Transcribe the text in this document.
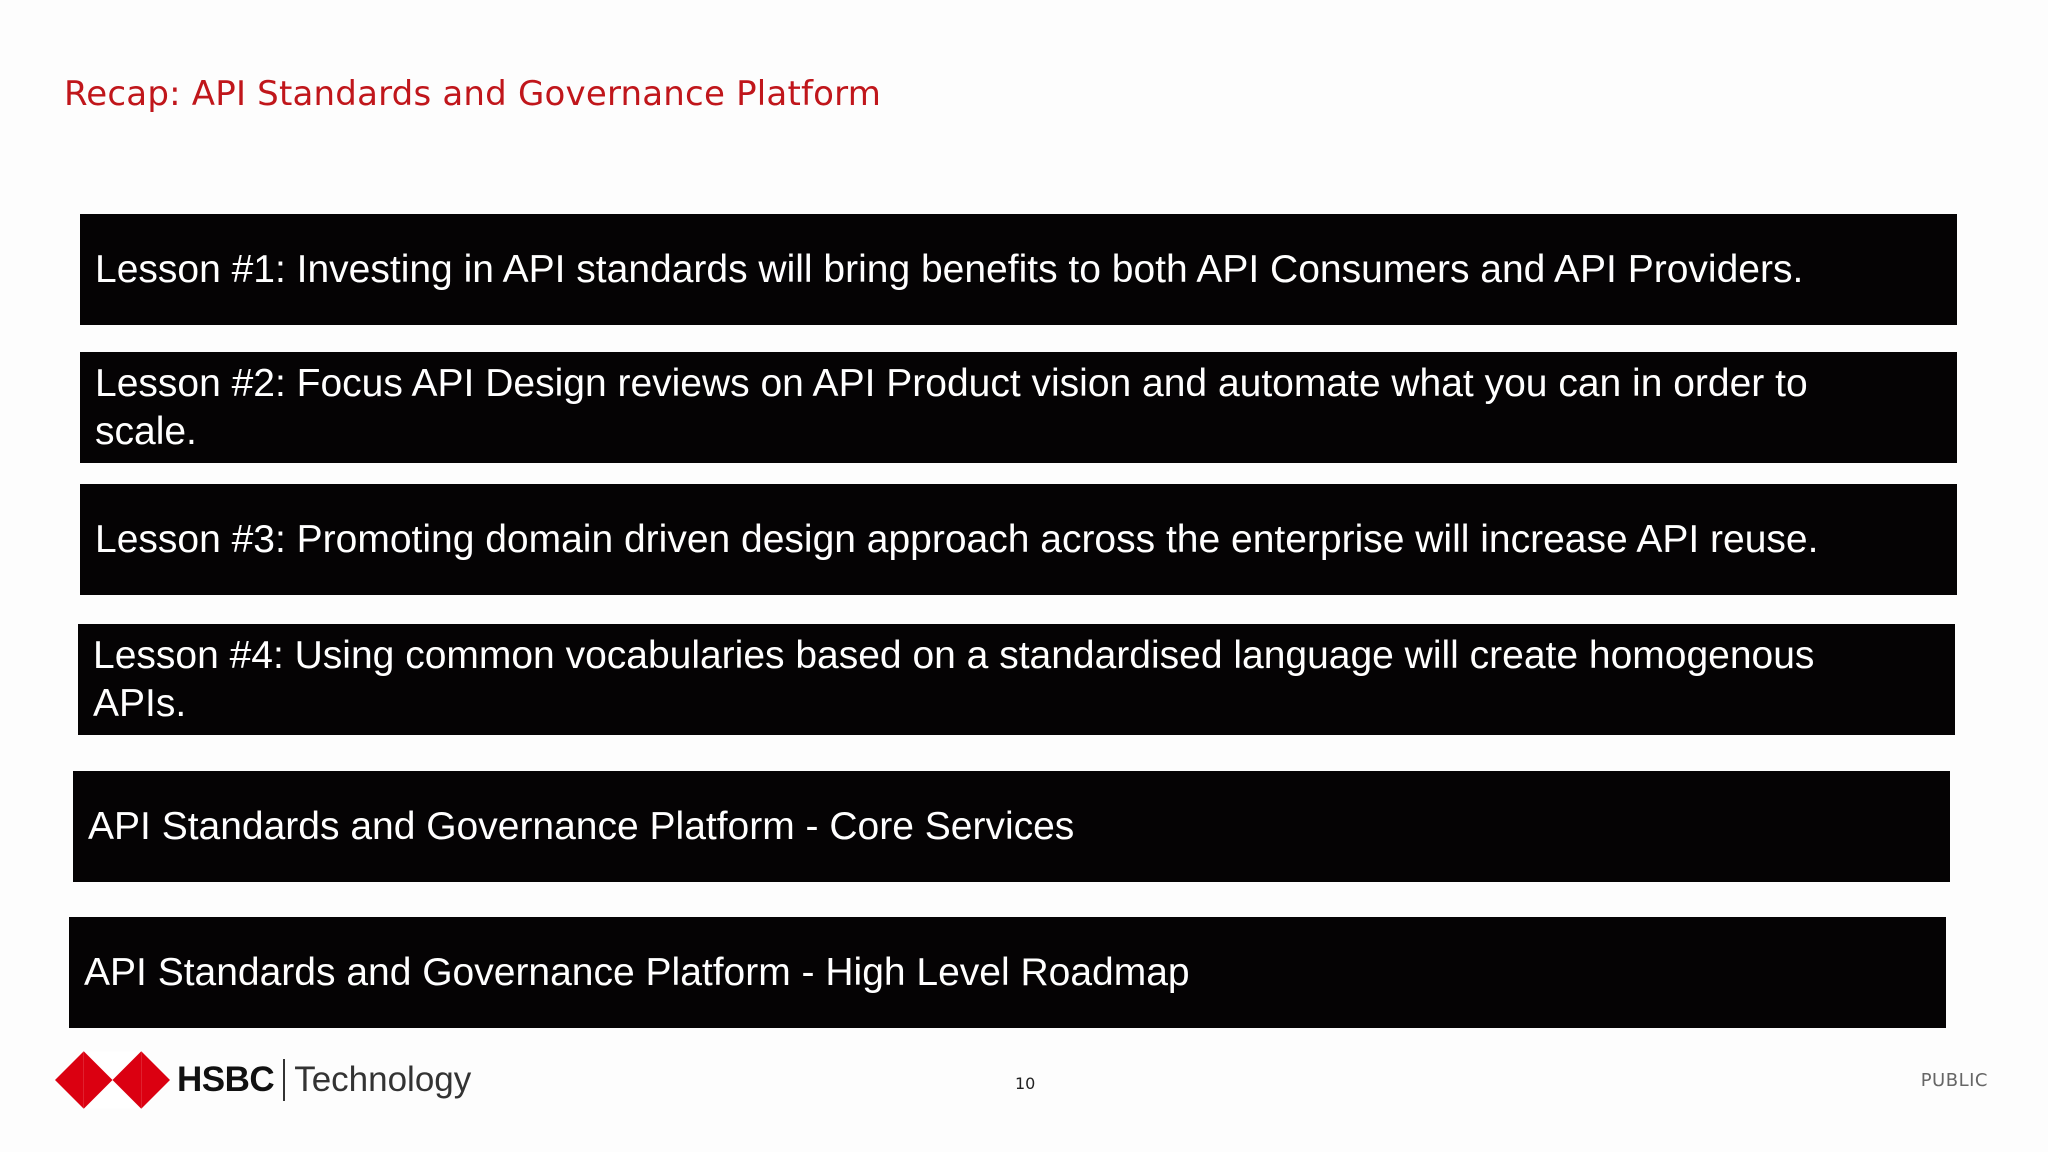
Recap: API Standards and Governance Platform
Lesson #1: Investing in API standards will bring benefits to both API Consumers and API Providers.
Lesson #2: Focus API Design reviews on API Product vision and automate what you can in order to scale.
Lesson #3: Promoting domain driven design approach across the enterprise will increase API reuse.
Lesson #4: Using common vocabularies based on a standardised language will create homogenous APIs.
API Standards and Governance Platform - Core Services
API Standards and Governance Platform - High Level Roadmap
HSBC Technology	10	PUBLIC
